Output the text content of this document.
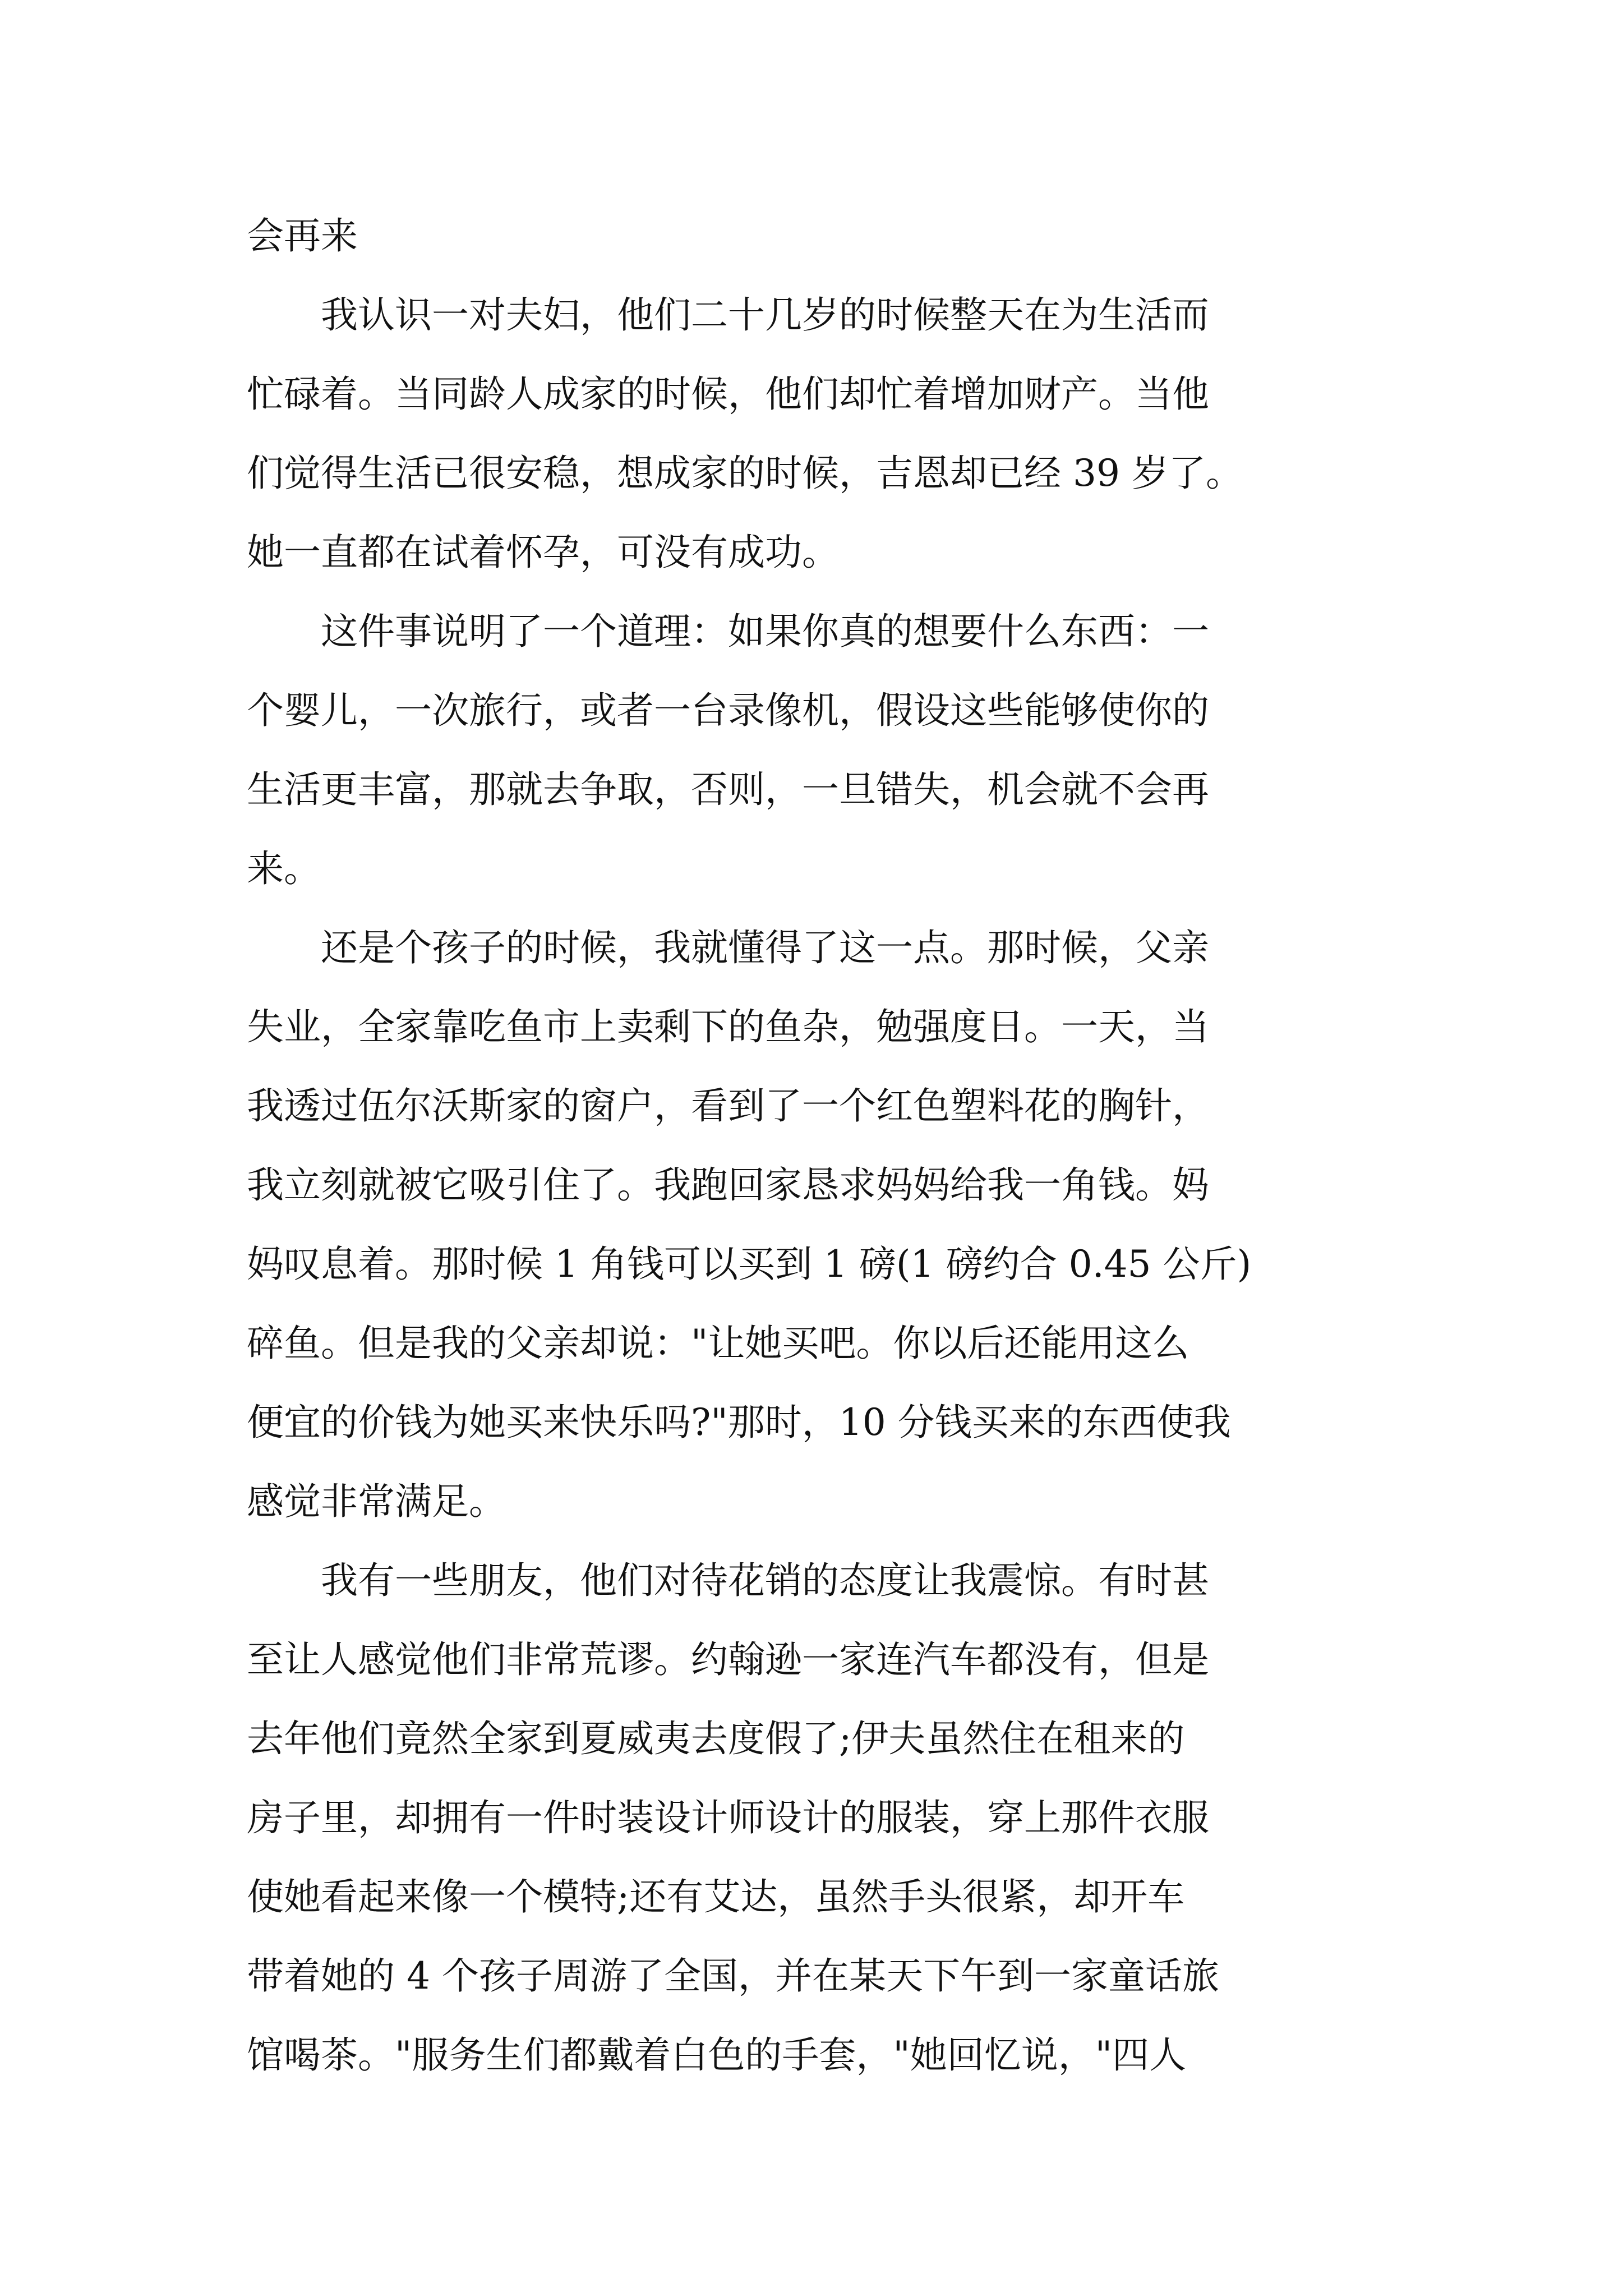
会再来
我认识一对夫妇，他们二十几岁的时候整天在为生活而
忙碌着。当同龄人成家的时候，他们却忙着增加财产。当他
们觉得生活已很安稳，想成家的时候，吉恩却已经 39 岁了。
她一直都在试着怀孕，可没有成功。
这件事说明了一个道理：如果你真的想要什么东西：一
个婴儿，一次旅行，或者一台录像机，假设这些能够使你的
生活更丰富，那就去争取，否则，一旦错失，机会就不会再
来。
还是个孩子的时候，我就懂得了这一点。那时候，父亲
失业，全家靠吃鱼市上卖剩下的鱼杂，勉强度日。一天，当
我透过伍尔沃斯家的窗户，看到了一个红色塑料花的胸针，
我立刻就被它吸引住了。我跑回家恳求妈妈给我一角钱。妈
妈叹息着。那时候 1 角钱可以买到 1 磅(1 磅约合 0.45 公斤)
碎鱼。但是我的父亲却说："让她买吧。你以后还能用这么
便宜的价钱为她买来快乐吗?"那时，10 分钱买来的东西使我
感觉非常满足。
我有一些朋友，他们对待花销的态度让我震惊。有时甚
至让人感觉他们非常荒谬。约翰逊一家连汽车都没有，但是
去年他们竟然全家到夏威夷去度假了;伊夫虽然住在租来的
房子里，却拥有一件时装设计师设计的服装，穿上那件衣服
使她看起来像一个模特;还有艾达，虽然手头很紧，却开车
带着她的 4 个孩子周游了全国，并在某天下午到一家童话旅
馆喝茶。"服务生们都戴着白色的手套，"她回忆说，"四人
